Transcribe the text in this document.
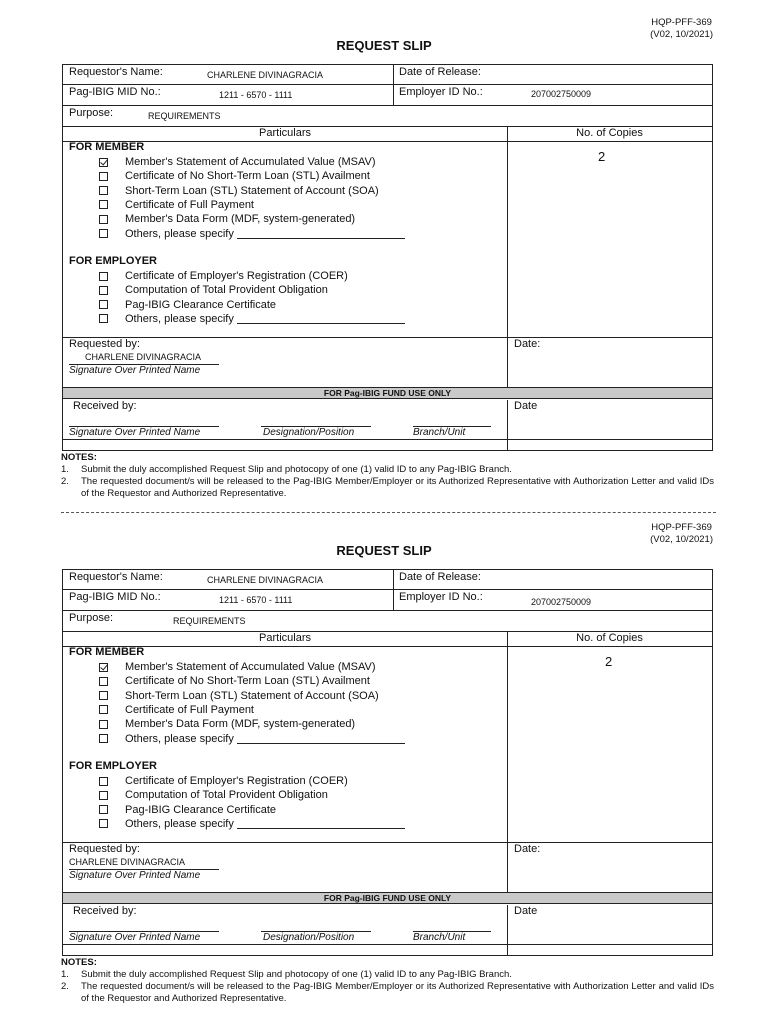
HQP-PFF-369
(V02, 10/2021)
REQUEST SLIP
Requestor's Name:	CHARLENE DIVINAGRACIA	Date of Release:
Pag-IBIG MID No.:	1211 - 6570 - 1111	Employer ID No.:	207002750009
Purpose:	REQUIREMENTS
Particulars	No. of Copies
FOR MEMBER
Member's Statement of Accumulated Value (MSAV)
Certificate of No Short-Term Loan (STL) Availment
Short-Term Loan (STL) Statement of Account (SOA)
Certificate of Full Payment
Member's Data Form (MDF, system-generated)
Others, please specify
2
FOR EMPLOYER
Certificate of Employer's Registration (COER)
Computation of Total Provident Obligation
Pag-IBIG Clearance Certificate
Others, please specify
Requested by:
CHARLENE DIVINAGRACIA
Signature Over Printed Name
Date:
FOR Pag-IBIG FUND USE ONLY
Received by:	Date
Signature Over Printed Name	Designation/Position	Branch/Unit
NOTES:
1.	Submit the duly accomplished Request Slip and photocopy of one (1) valid ID to any Pag-IBIG Branch.
2.	The requested document/s will be released to the Pag-IBIG Member/Employer or its Authorized Representative with Authorization Letter and valid IDs of the Requestor and Authorized Representative.
HQP-PFF-369
(V02, 10/2021)
REQUEST SLIP
Requestor's Name:	CHARLENE DIVINAGRACIA	Date of Release:
Pag-IBIG MID No.:	1211 - 6570 - 1111	Employer ID No.:	207002750009
Purpose:	REQUIREMENTS
Particulars	No. of Copies
FOR MEMBER
Member's Statement of Accumulated Value (MSAV)
Certificate of No Short-Term Loan (STL) Availment
Short-Term Loan (STL) Statement of Account (SOA)
Certificate of Full Payment
Member's Data Form (MDF, system-generated)
Others, please specify
2
FOR EMPLOYER
Certificate of Employer's Registration (COER)
Computation of Total Provident Obligation
Pag-IBIG Clearance Certificate
Others, please specify
Requested by:
CHARLENE DIVINAGRACIA
Signature Over Printed Name
Date:
FOR Pag-IBIG FUND USE ONLY
Received by:	Date
Signature Over Printed Name	Designation/Position	Branch/Unit
NOTES:
1.	Submit the duly accomplished Request Slip and photocopy of one (1) valid ID to any Pag-IBIG Branch.
2.	The requested document/s will be released to the Pag-IBIG Member/Employer or its Authorized Representative with Authorization Letter and valid IDs of the Requestor and Authorized Representative.
